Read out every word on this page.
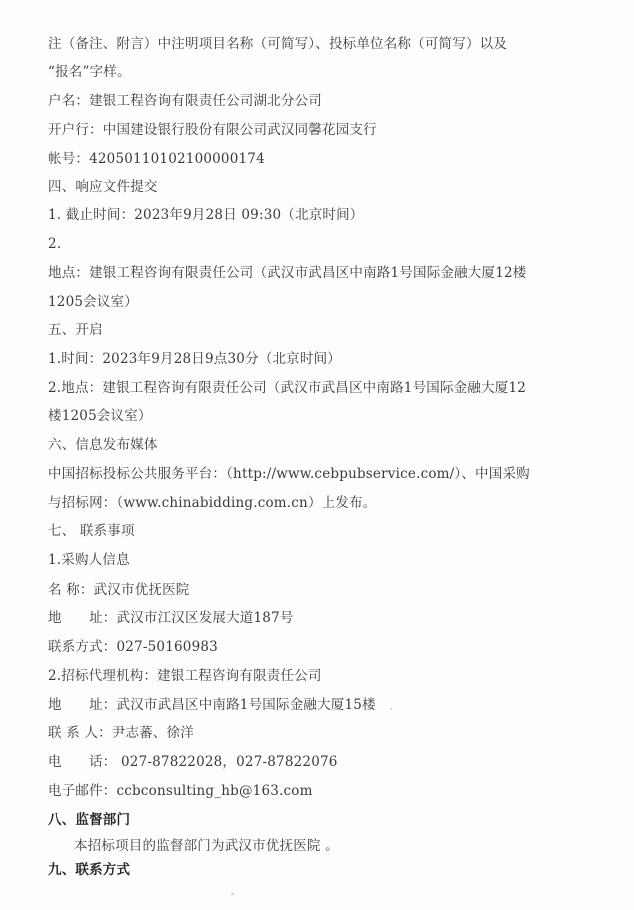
注（备注、附言）中注明项目名称（可简写）、投标单位名称（可简写）以及
“报名”字样。
户名：建银工程咨询有限责任公司湖北分公司
开户行：中国建设银行股份有限公司武汉同馨花园支行
帐号：42050110102100000174
四、响应文件提交
1. 截止时间：2023年9月28日 09:30（北京时间）
2.
地点：建银工程咨询有限责任公司（武汉市武昌区中南路1号国际金融大厦12楼
1205会议室）
五、开启
1.时间：2023年9月28日9点30分（北京时间）
2.地点：建银工程咨询有限责任公司（武汉市武昌区中南路1号国际金融大厦12
楼1205会议室）
六、信息发布媒体
中国招标投标公共服务平台：（http://www.cebpubservice.com/）、中国采购
与招标网：（www.chinabidding.com.cn）上发布。
七、 联系事项
1.采购人信息
名 称：武汉市优抚医院
地　　址：武汉市江汉区发展大道187号
联系方式：027-50160983
2.招标代理机构：建银工程咨询有限责任公司
地　　址：武汉市武昌区中南路1号国际金融大厦15楼
联 系 人：尹志蕃、徐洋
电　　话： 027-87822028，027-87822076
电子邮件：ccbconsulting_hb@163.com
八、监督部门
本招标项目的监督部门为武汉市优抚医院 。
九、联系方式
